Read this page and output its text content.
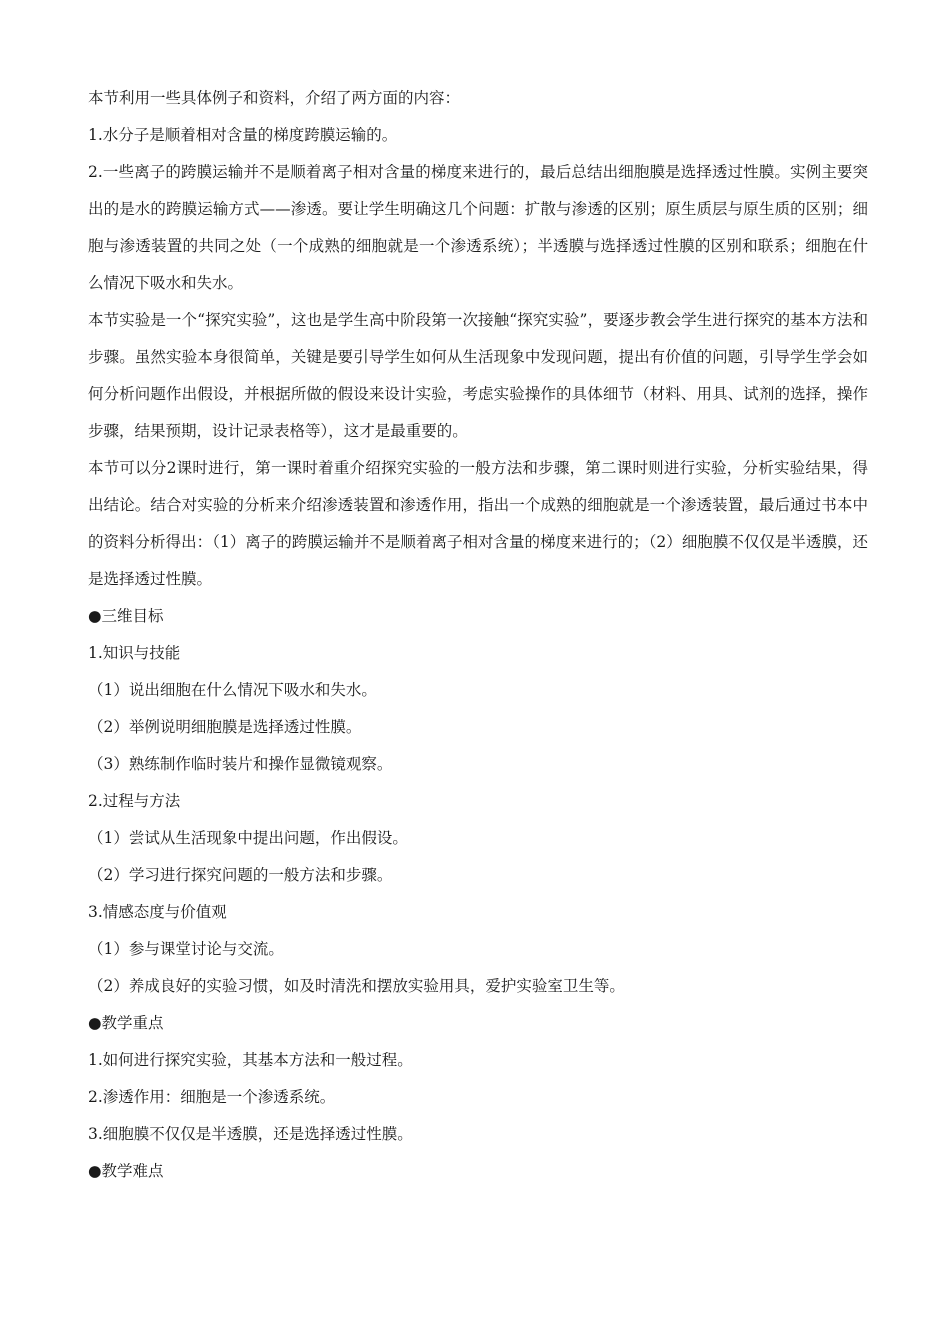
本节利用一些具体例子和资料，介绍了两方面的内容：

1.水分子是顺着相对含量的梯度跨膜运输的。

2.一些离子的跨膜运输并不是顺着离子相对含量的梯度来进行的，最后总结出细胞膜是选择透过性膜。实例主要突出的是水的跨膜运输方式——渗透。要让学生明确这几个问题：扩散与渗透的区别；原生质层与原生质的区别；细胞与渗透装置的共同之处（一个成熟的细胞就是一个渗透系统）；半透膜与选择透过性膜的区别和联系；细胞在什么情况下吸水和失水。

本节实验是一个“探究实验”，这也是学生高中阶段第一次接触“探究实验”，要逐步教会学生进行探究的基本方法和步骤。虽然实验本身很简单，关键是要引导学生如何从生活现象中发现问题，提出有价值的问题，引导学生学会如何分析问题作出假设，并根据所做的假设来设计实验，考虑实验操作的具体细节（材料、用具、试剂的选择，操作步骤，结果预期，设计记录表格等），这才是最重要的。

本节可以分2课时进行，第一课时着重介绍探究实验的一般方法和步骤，第二课时则进行实验，分析实验结果，得出结论。结合对实验的分析来介绍渗透装置和渗透作用，指出一个成熟的细胞就是一个渗透装置，最后通过书本中的资料分析得出：（1）离子的跨膜运输并不是顺着离子相对含量的梯度来进行的；（2）细胞膜不仅仅是半透膜，还是选择透过性膜。

●三维目标

1.知识与技能

（1）说出细胞在什么情况下吸水和失水。

（2）举例说明细胞膜是选择透过性膜。

（3）熟练制作临时装片和操作显微镜观察。

2.过程与方法

（1）尝试从生活现象中提出问题，作出假设。

（2）学习进行探究问题的一般方法和步骤。

3.情感态度与价值观

（1）参与课堂讨论与交流。

（2）养成良好的实验习惯，如及时清洗和摆放实验用具，爱护实验室卫生等。

●教学重点

1.如何进行探究实验，其基本方法和一般过程。

2.渗透作用：细胞是一个渗透系统。

3.细胞膜不仅仅是半透膜，还是选择透过性膜。

●教学难点
